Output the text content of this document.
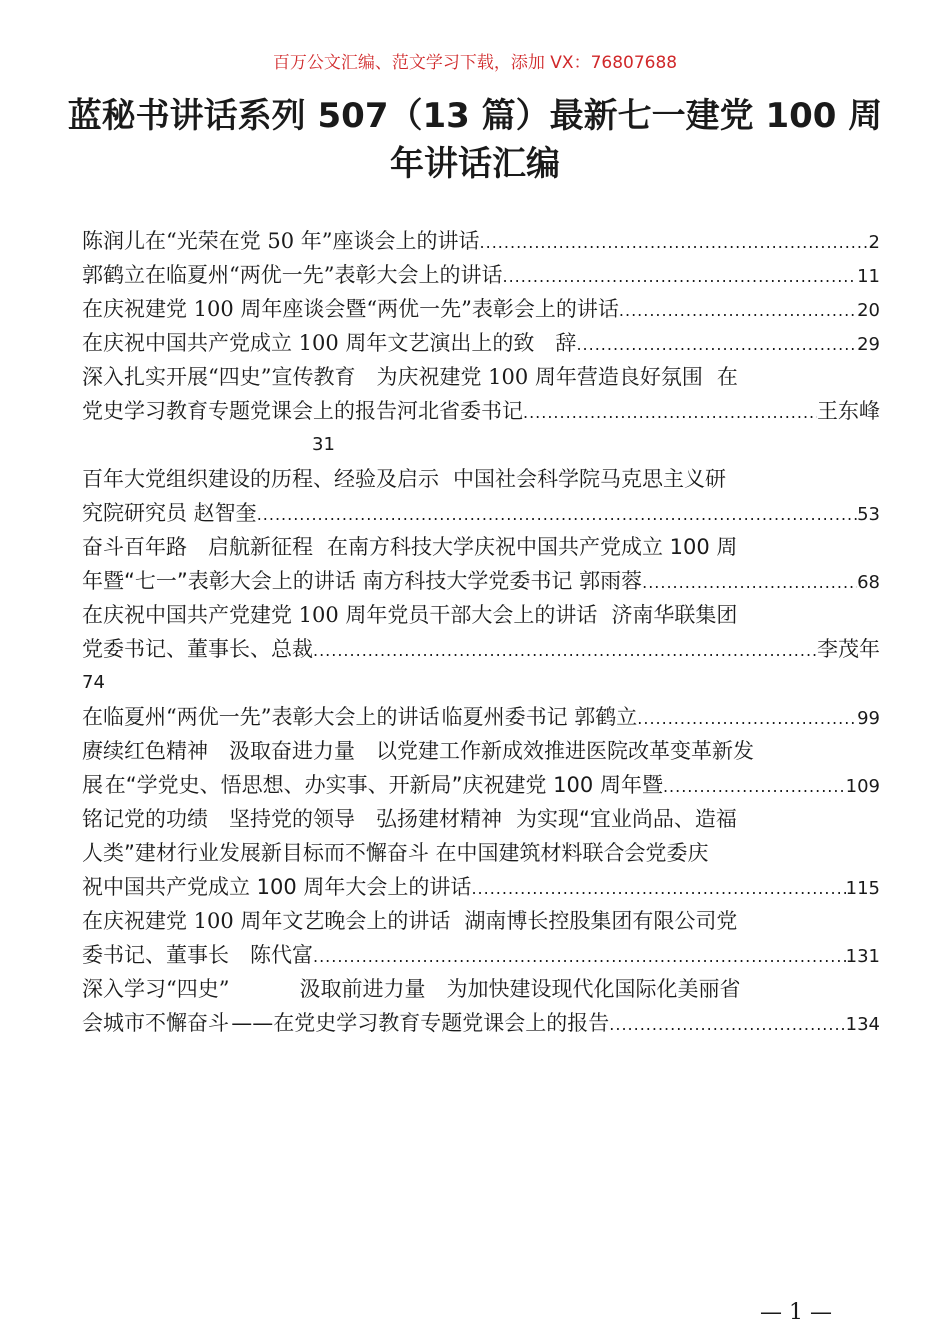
百万公文汇编、范文学习下载，添加 VX：76807688
蓝秘书讲话系列 507（13 篇）最新七一建党 100 周年讲话汇编
陈润儿在“光荣在党 50 年”座谈会上的讲话 .....	2
郭鹤立在临夏州“两优一先”表彰大会上的讲话 .....	11
在庆祝建党 100 周年座谈会暨“两优一先”表彰会上的讲话 .....	20
在庆祝中国共产党成立 100 周年文艺演出上的致　辞 .....	29
深入扎实开展“四史”宣传教育　为庆祝建党 100 周年营造良好氛围 在
党史学习教育专题党课会上的报告河北省委书记 .....	王东峰
31
百年大党组织建设的历程、经验及启示 中国社会科学院马克思主义研
究院研究员 赵智奎 .....	53
奋斗百年路　启航新征程 在南方科技大学庆祝中国共产党成立 100 周
年暨“七一”表彰大会上的讲话 南方科技大学党委书记 郭雨蓉 .....	68
在庆祝中国共产党建党 100 周年党员干部大会上的讲话 济南华联集团
党委书记、董事长、总裁 .....	李茂年
74
在临夏州“两优一先”表彰大会上的讲话 临夏州委书记 郭鹤立 .....	99
赓续红色精神　汲取奋进力量　以党建工作新成效推进医院改革变革新发
展 在“学党史、悟思想、办实事、开新局”庆祝建党 100 周年暨 .....	109
铭记党的功绩　坚持党的领导　弘扬建材精神 为实现“宜业尚品、造福
人类”建材行业发展新目标而不懈奋斗 在中国建筑材料联合会党委庆
祝中国共产党成立 100 周年大会上的讲话 .....	115
在庆祝建党 100 周年文艺晚会上的讲话 湖南博长控股集团有限公司党
委书记、董事长　陈代富 .....	131
深入学习“四史”	汲取前进力量　为加快建设现代化国际化美丽省
会城市不懈奋斗 ——在党史学习教育专题党课会上的报告 .....	134
— 1 —
